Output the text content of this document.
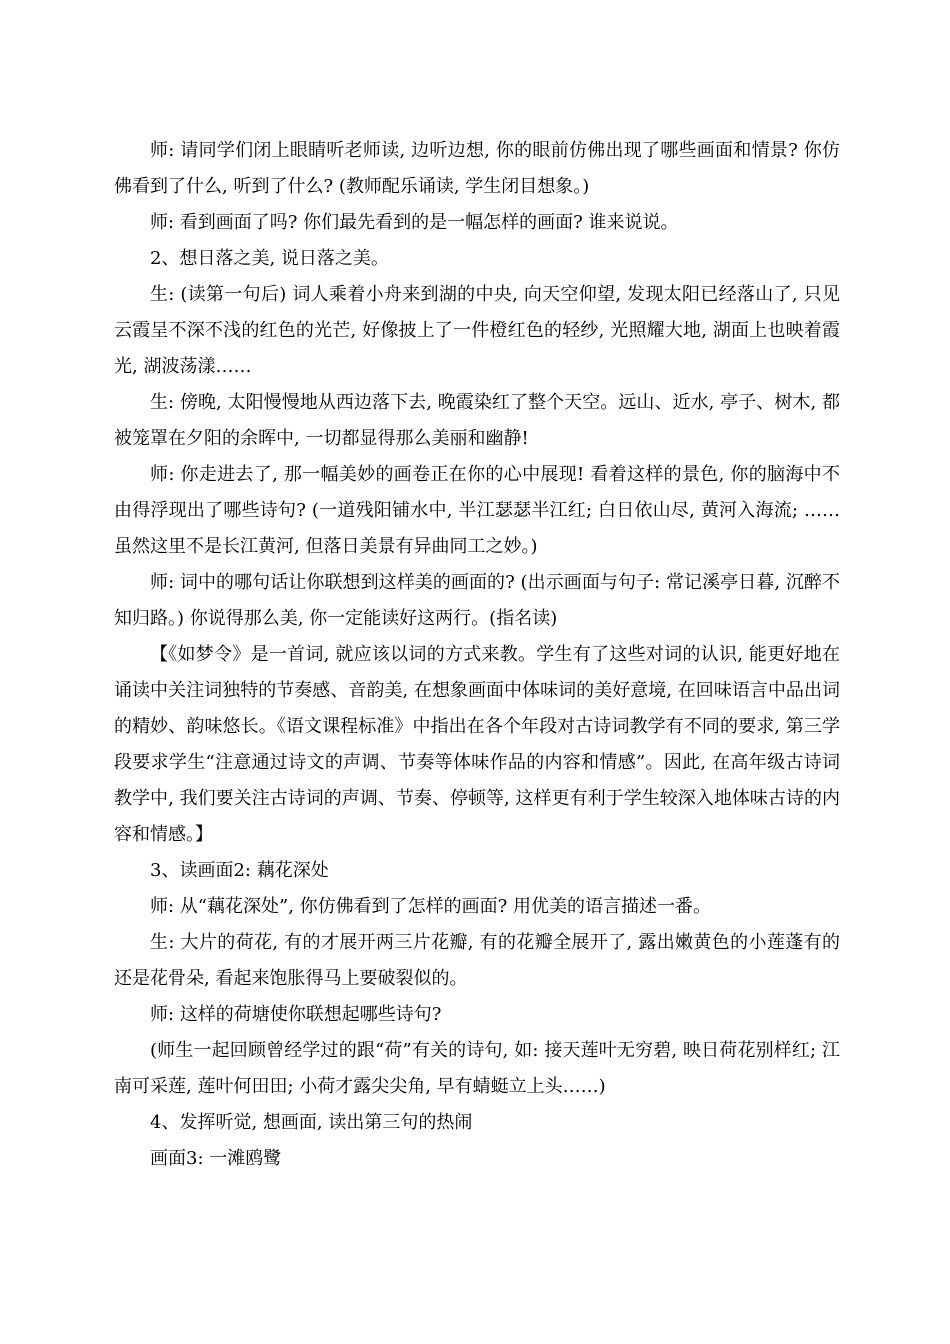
师: 请同学们闭上眼睛听老师读, 边听边想, 你的眼前仿佛出现了哪些画面和情景? 你仿佛看到了什么, 听到了什么? (教师配乐诵读, 学生闭目想象。)

师: 看到画面了吗? 你们最先看到的是一幅怎样的画面? 谁来说说。

2、想日落之美, 说日落之美。

生: (读第一句后) 词人乘着小舟来到湖的中央, 向天空仰望, 发现太阳已经落山了, 只见云霞呈不深不浅的红色的光芒, 好像披上了一件橙红色的轻纱, 光照耀大地, 湖面上也映着霞光, 湖波荡漾……

生: 傍晚, 太阳慢慢地从西边落下去, 晚霞染红了整个天空。远山、近水, 亭子、树木, 都被笼罩在夕阳的余晖中, 一切都显得那么美丽和幽静!

师: 你走进去了, 那一幅美妙的画卷正在你的心中展现! 看着这样的景色, 你的脑海中不由得浮现出了哪些诗句? (一道残阳铺水中, 半江瑟瑟半江红; 白日依山尽, 黄河入海流; ……虽然这里不是长江黄河, 但落日美景有异曲同工之妙。)

师: 词中的哪句话让你联想到这样美的画面的? (出示画面与句子: 常记溪亭日暮, 沉醉不知归路。) 你说得那么美, 你一定能读好这两行。(指名读)

【《如梦令》是一首词, 就应该以词的方式来教。学生有了这些对词的认识, 能更好地在诵读中关注词独特的节奏感、音韵美, 在想象画面中体味词的美好意境, 在回味语言中品出词的精妙、韵味悠长。《语文课程标准》中指出在各个年段对古诗词教学有不同的要求, 第三学段要求学生“注意通过诗文的声调、节奏等体味作品的内容和情感”。因此, 在高年级古诗词教学中, 我们要关注古诗词的声调、节奏、停顿等, 这样更有利于学生较深入地体味古诗的内容和情感。】

3、读画面2: 藕花深处

师: 从“藕花深处”, 你仿佛看到了怎样的画面? 用优美的语言描述一番。

生: 大片的荷花, 有的才展开两三片花瓣, 有的花瓣全展开了, 露出嫩黄色的小莲蓬有的还是花骨朵, 看起来饱胀得马上要破裂似的。

师: 这样的荷塘使你联想起哪些诗句?

(师生一起回顾曾经学过的跟“荷”有关的诗句, 如: 接天莲叶无穷碧, 映日荷花别样红; 江南可采莲, 莲叶何田田; 小荷才露尖尖角, 早有蜻蜓立上头……)

4、发挥听觉, 想画面, 读出第三句的热闹

画面3: 一滩鸥鹭
